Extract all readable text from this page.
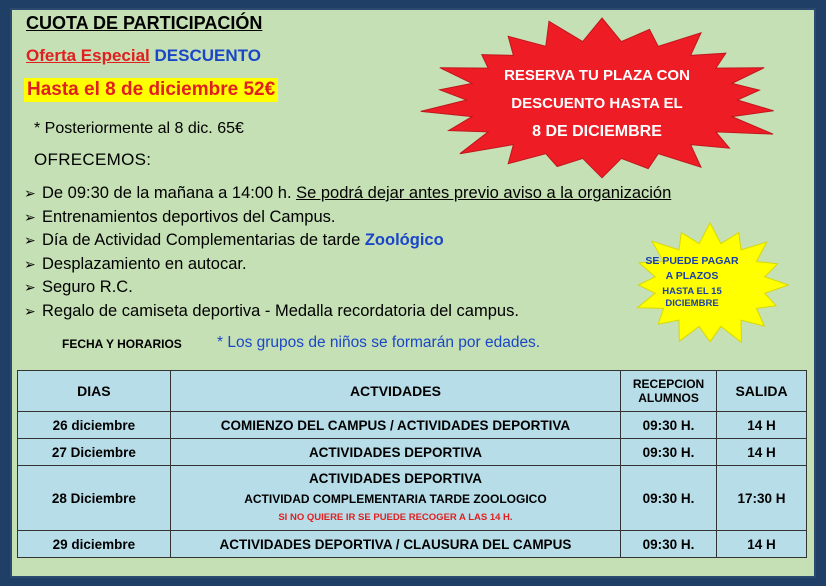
CUOTA DE PARTICIPACIÓN
Oferta Especial DESCUENTO
Hasta el 8 de diciembre 52€
* Posteriormente al 8 dic. 65€
OFRECEMOS:
➢ De 09:30 de la mañana a 14:00 h. Se podrá dejar antes previo aviso a la organización
➢ Entrenamientos deportivos del Campus.
➢ Día de Actividad Complementarias de tarde Zoológico
➢ Desplazamiento en autocar.
➢ Seguro R.C.
➢ Regalo de camiseta deportiva - Medalla recordatoria del campus.
RESERVA TU PLAZA CON
DESCUENTO HASTA EL
8 DE DICIEMBRE
SE PUEDE PAGAR
A PLAZOS
HASTA EL 15
DICIEMBRE
FECHA Y HORARIOS * Los grupos de niños se formarán por edades.
DIAS	ACTVIDADES	RECEPCION ALUMNOS	SALIDA
26 diciembre	COMIENZO DEL CAMPUS / ACTIVIDADES DEPORTIVA	09:30 H.	14 H
27 Diciembre	ACTIVIDADES DEPORTIVA	09:30 H.	14 H
28 Diciembre	ACTIVIDADES DEPORTIVA
ACTIVIDAD COMPLEMENTARIA TARDE ZOOLOGICO
SI NO QUIERE IR SE PUEDE RECOGER A LAS 14 H.	09:30 H.	17:30 H
29 diciembre	ACTIVIDADES DEPORTIVA / CLAUSURA DEL CAMPUS	09:30 H.	14 H
